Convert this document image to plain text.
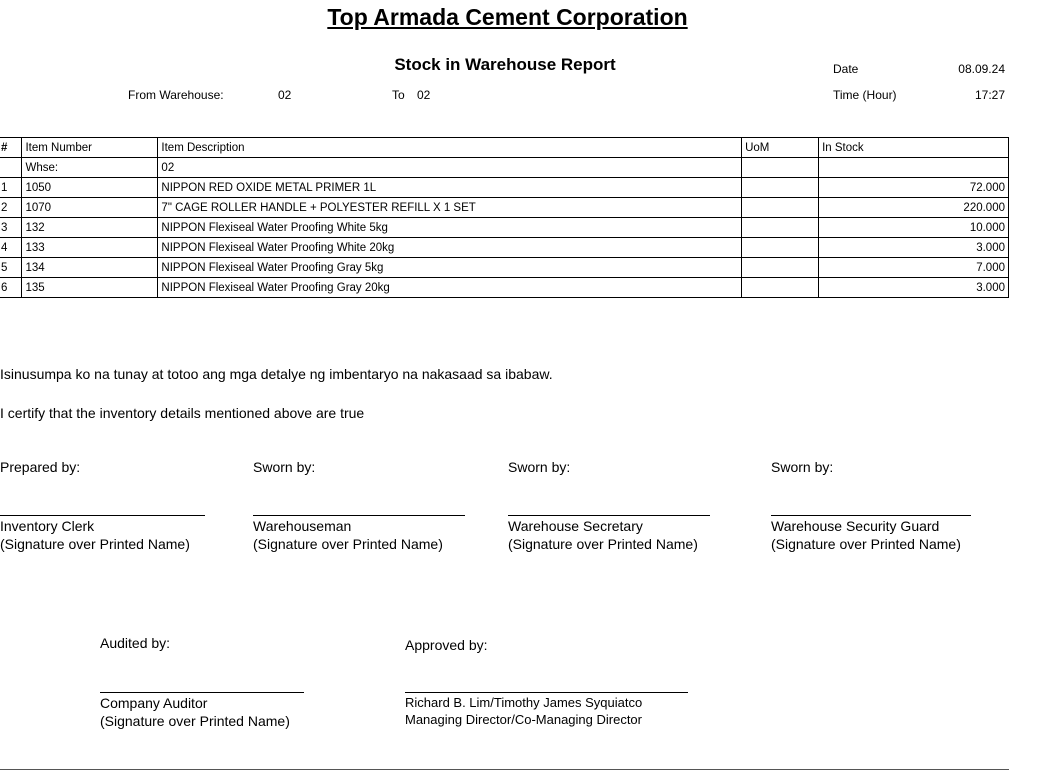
Top Armada Cement Corporation
Stock in Warehouse Report
From Warehouse:	02	To 02
Date	08.09.24
Time (Hour)	17:27
#	Item Number	Item Description	UoM	In Stock
	Whse:	02		
1	1050	NIPPON RED OXIDE METAL PRIMER 1L		72.000
2	1070	7" CAGE ROLLER HANDLE + POLYESTER REFILL X 1 SET		220.000
3	132	NIPPON Flexiseal Water Proofing White 5kg		10.000
4	133	NIPPON Flexiseal Water Proofing White 20kg		3.000
5	134	NIPPON Flexiseal Water Proofing Gray 5kg		7.000
6	135	NIPPON Flexiseal Water Proofing Gray 20kg		3.000
Isinusumpa ko na tunay at totoo ang mga detalye ng imbentaryo na nakasaad sa ibabaw.
I certify that the inventory details mentioned above are true
Prepared by:	Sworn by:	Sworn by:	Sworn by:
Inventory Clerk
(Signature over Printed Name)
Warehouseman
(Signature over Printed Name)
Warehouse Secretary
(Signature over Printed Name)
Warehouse Security Guard
(Signature over Printed Name)
Audited by:	Approved by:
Company Auditor
(Signature over Printed Name)
Richard B. Lim/Timothy James Syquiatco
Managing Director/Co-Managing Director
